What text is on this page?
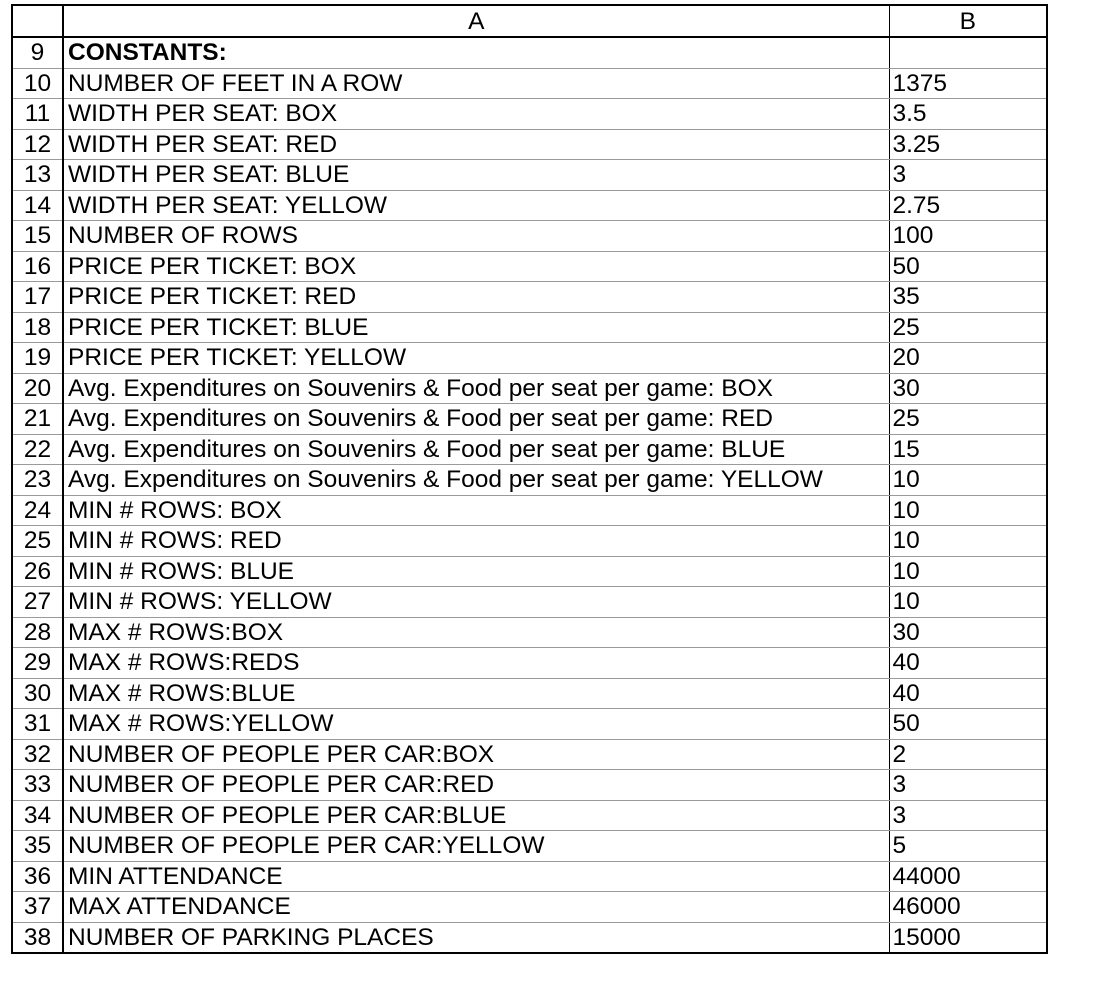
	A	B
9	CONSTANTS:	
10	NUMBER OF FEET IN A ROW	1375
11	WIDTH PER SEAT: BOX	3.5
12	WIDTH PER SEAT: RED	3.25
13	WIDTH PER SEAT: BLUE	3
14	WIDTH PER SEAT: YELLOW	2.75
15	NUMBER OF ROWS	100
16	PRICE PER TICKET: BOX	50
17	PRICE PER TICKET: RED	35
18	PRICE PER TICKET: BLUE	25
19	PRICE PER TICKET: YELLOW	20
20	Avg. Expenditures on Souvenirs & Food per seat per game: BOX	30
21	Avg. Expenditures on Souvenirs & Food per seat per game: RED	25
22	Avg. Expenditures on Souvenirs & Food per seat per game: BLUE	15
23	Avg. Expenditures on Souvenirs & Food per seat per game: YELLOW	10
24	MIN # ROWS: BOX	10
25	MIN # ROWS: RED	10
26	MIN # ROWS: BLUE	10
27	MIN # ROWS: YELLOW	10
28	MAX # ROWS:BOX	30
29	MAX # ROWS:REDS	40
30	MAX # ROWS:BLUE	40
31	MAX # ROWS:YELLOW	50
32	NUMBER OF PEOPLE PER CAR:BOX	2
33	NUMBER OF PEOPLE PER CAR:RED	3
34	NUMBER OF PEOPLE PER CAR:BLUE	3
35	NUMBER OF PEOPLE PER CAR:YELLOW	5
36	MIN ATTENDANCE	44000
37	MAX ATTENDANCE	46000
38	NUMBER OF PARKING PLACES	15000
